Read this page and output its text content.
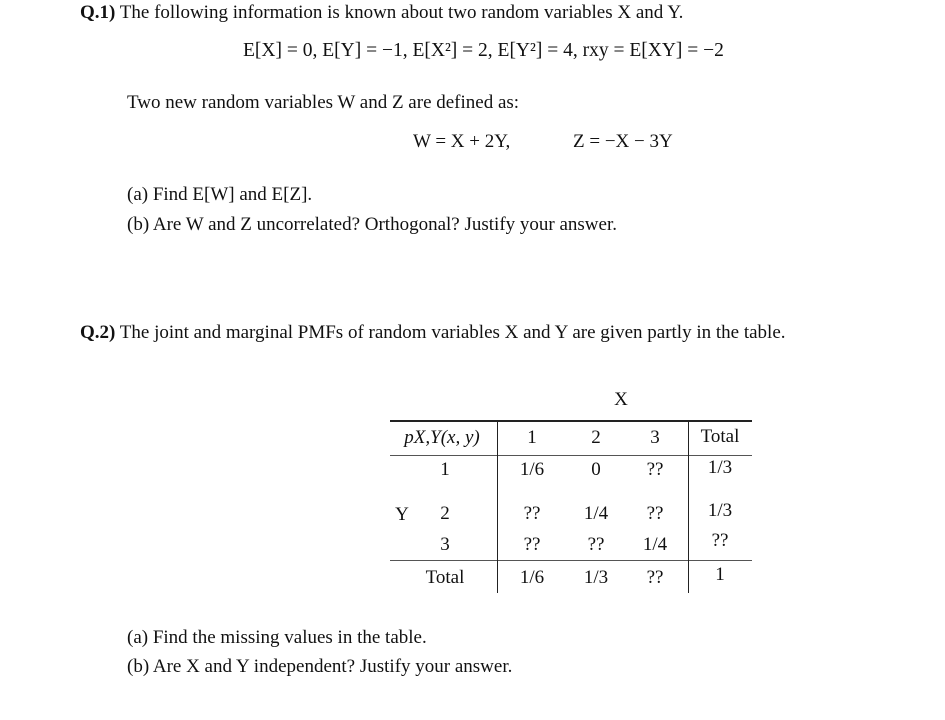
Q.1) The following information is known about two random variables X and Y.
E[X] = 0, E[Y] = −1, E[X²] = 2, E[Y²] = 4, rxy = E[XY] = −2
Two new random variables W and Z are defined as:
W = X + 2Y,	Z = −X − 3Y
(a) Find E[W] and E[Z].
(b) Are W and Z uncorrelated? Orthogonal? Justify your answer.
Q.2) The joint and marginal PMFs of random variables X and Y are given partly in the table.
X
pX,Y(x, y)	1	2	3	Total
Y
1	1/6	0	??	1/3
2	??	1/4	??	1/3
3	??	??	1/4	??
Total	1/6	1/3	??	1
(a) Find the missing values in the table.
(b) Are X and Y independent? Justify your answer.
